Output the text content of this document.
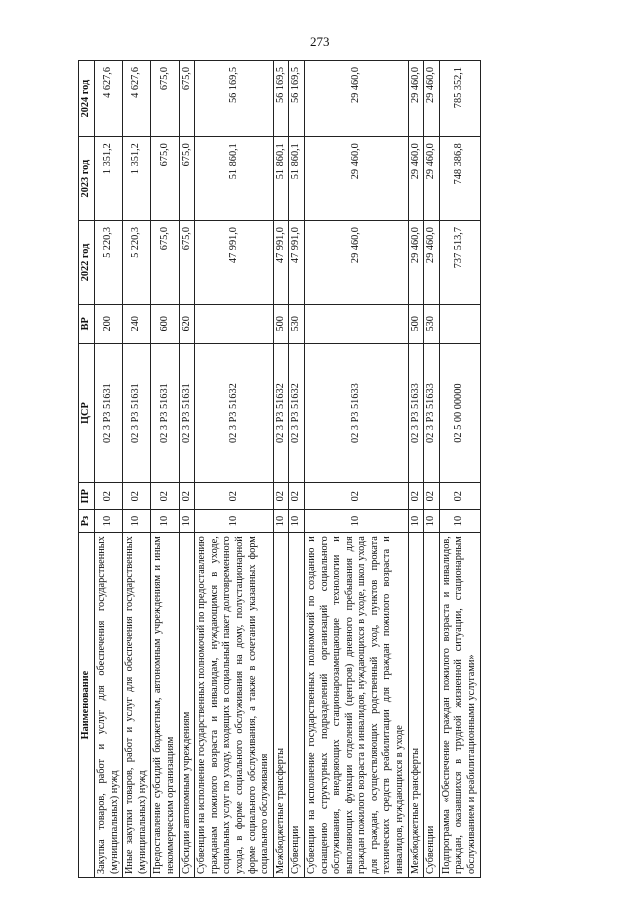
273
Наименование	Рз	ПР	ЦСР	ВР	2022 год	2023 год	2024 год
Закупка товаров, работ и услуг для обеспечения государственных (муниципальных) нужд	10	02	02 3 P3 51631	200	5 220,3	1 351,2	4 627,6
Иные закупки товаров, работ и услуг для обеспечения государственных (муниципальных) нужд	10	02	02 3 P3 51631	240	5 220,3	1 351,2	4 627,6
Предоставление субсидий бюджетным, автономным учреждениям и иным некоммерческим организациям	10	02	02 3 P3 51631	600	675,0	675,0	675,0
Субсидии автономным учреждениям	10	02	02 3 P3 51631	620	675,0	675,0	675,0
Субвенции на исполнение государственных полномочий по предоставлению гражданам пожилого возраста и инвалидам, нуждающимся в уходе, социальных услуг по уходу, входящих в социальный пакет долговременного ухода, в форме социального обслуживания на дому, полустационарной форме социального обслуживания, а также в сочетании указанных форм социального обслуживания	10	02	02 3 P3 51632		47 991,0	51 860,1	56 169,5
Межбюджетные трансферты	10	02	02 3 P3 51632	500	47 991,0	51 860,1	56 169,5
Субвенции	10	02	02 3 P3 51632	530	47 991,0	51 860,1	56 169,5
Субвенции на исполнение государственных полномочий по созданию и оснащению структурных подразделений организаций социального обслуживания, внедряющих стационарозамещающие технологии и выполняющих функции отделений (центров) дневного пребывания для граждан пожилого возраста и инвалидов, нуждающихся в уходе, школ ухода для граждан, осуществляющих родственный уход, пунктов проката технических средств реабилитации для граждан пожилого возраста и инвалидов, нуждающихся в уходе	10	02	02 3 P3 51633		29 460,0	29 460,0	29 460,0
Межбюджетные трансферты	10	02	02 3 P3 51633	500	29 460,0	29 460,0	29 460,0
Субвенции	10	02	02 3 P3 51633	530	29 460,0	29 460,0	29 460,0
Подпрограмма «Обеспечение граждан пожилого возраста и инвалидов, граждан, оказавшихся в трудной жизненной ситуации, стационарным обслуживанием и реабилитационными услугами»	10	02	02 5 00 00000		737 513,7	748 386,8	785 352,1
